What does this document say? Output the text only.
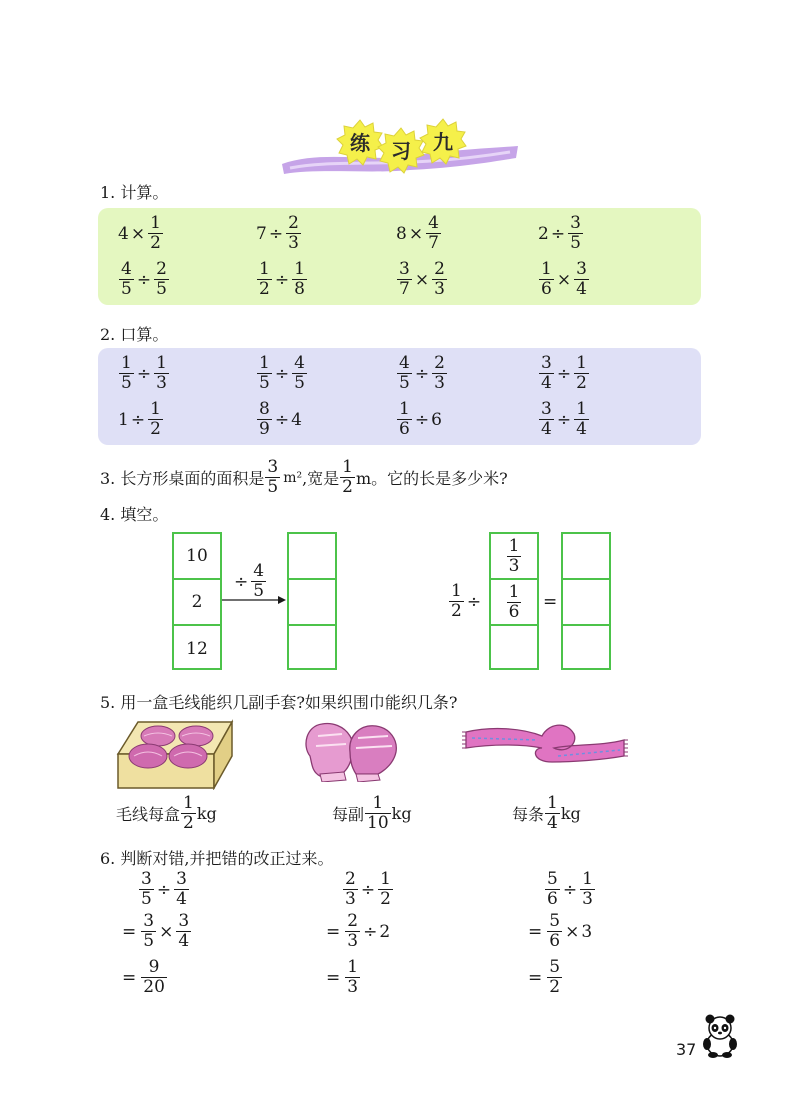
练	习	九
1. 计算。
$4 \times \frac{1}{2}$	$7 \div \frac{2}{3}$	$8 \times \frac{4}{7}$	$2 \div \frac{3}{5}$
$\frac{4}{5} \div \frac{2}{5}$	$\frac{1}{2} \div \frac{1}{8}$	$\frac{3}{7} \times \frac{2}{3}$	$\frac{1}{6} \times \frac{3}{4}$
2. 口算。
$\frac{1}{5} \div \frac{1}{3}$	$\frac{1}{5} \div \frac{4}{5}$	$\frac{4}{5} \div \frac{2}{3}$	$\frac{3}{4} \div \frac{1}{2}$
$1 \div \frac{1}{2}$	$\frac{8}{9} \div 4$	$\frac{1}{6} \div 6$	$\frac{3}{4} \div \frac{1}{4}$
3. 长方形桌面的面积是 $\frac{3}{5} m^2$ ,宽是 $\frac{1}{2}$ m。它的长是多少米?
4. 填空。
10
2
12
÷ $\frac{4}{5}$
$\frac{1}{2}$ ÷
$\frac{1}{3}$
$\frac{1}{6}$ =
5. 用一盒毛线能织几副手套?如果织围巾能织几条?
毛线每盒 $\frac{1}{2}$ kg	每副 $\frac{1}{10}$ kg	每条 $\frac{1}{4}$ kg
6. 判断对错,并把错的改正过来。
$\frac{3}{5} \div \frac{3}{4}$
= $\frac{3}{5} \times \frac{3}{4}$
= $\frac{9}{20}$
$\frac{2}{3} \div \frac{1}{2}$
= $\frac{2}{3} \div 2$
= $\frac{1}{3}$
$\frac{5}{6} \div \frac{1}{3}$
= $\frac{5}{6} \times 3$
= $\frac{5}{2}$
37
